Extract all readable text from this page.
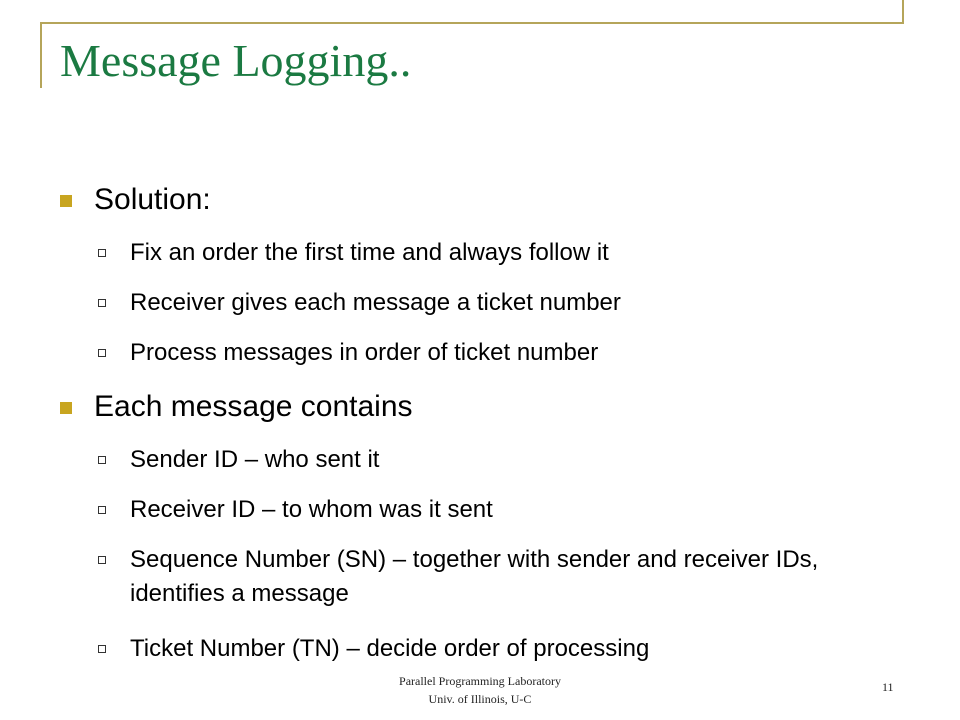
Message Logging..
Solution:
Fix an order the first time and always follow it
Receiver gives each message a ticket number
Process messages in order of ticket number
Each message contains
Sender ID – who sent it
Receiver ID – to whom was it sent
Sequence Number (SN) – together with sender and receiver IDs, identifies a message
Ticket Number (TN) – decide order of processing
Parallel Programming Laboratory
Univ. of Illinois, U-C
11
